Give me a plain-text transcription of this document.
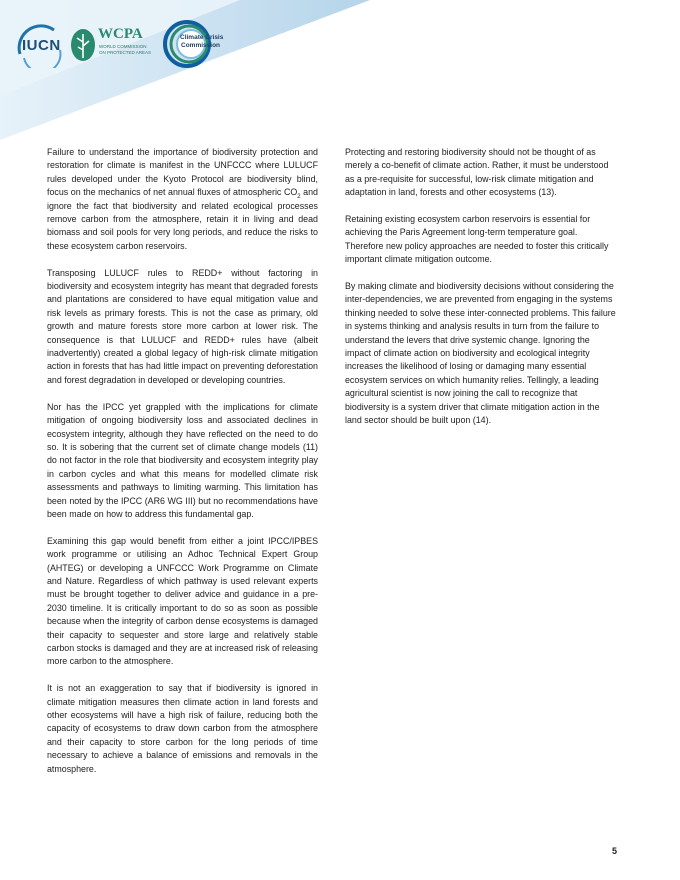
IUCN
WCPA
WORLD COMMISSION
ON PROTECTED AREAS
Climate Crisis
Commission

Failure to understand the importance of biodiversity protection and restoration for climate is manifest in the UNFCCC where LULUCF rules developed under the Kyoto Protocol are biodiversity blind, focus on the mechanics of net annual fluxes of atmospheric $CO_2$ and ignore the fact that biodiversity and related ecological processes remove carbon from the atmosphere, retain it in living and dead biomass and soil pools for very long periods, and reduce the risks to these ecosystem carbon reservoirs.

Transposing LULUCF rules to REDD+ without factoring in biodiversity and ecosystem integrity has meant that degraded forests and plantations are considered to have equal mitigation value and risk levels as primary forests. This is not the case as primary, old growth and mature forests store more carbon at lower risk. The consequence is that LULUCF and REDD+ rules have (albeit inadvertently) created a global legacy of high-risk climate mitigation action in forests that has had little impact on preventing deforestation and forest degradation in developed or developing countries.

Nor has the IPCC yet grappled with the implications for climate mitigation of ongoing biodiversity loss and associated declines in ecosystem integrity, although they have reflected on the need to do so. It is sobering that the current set of climate change models (11) do not factor in the role that biodiversity and ecosystem integrity play in carbon cycles and what this means for modelled climate risk assessments and pathways to limiting warming. This limitation has been noted by the IPCC (AR6 WG III) but no recommendations have been made on how to address this fundamental gap.

Examining this gap would benefit from either a joint IPCC/IPBES work programme or utilising an Adhoc Technical Expert Group (AHTEG) or developing a UNFCCC Work Programme on Climate and Nature. Regardless of which pathway is used relevant experts must be brought together to deliver advice and guidance in a pre-2030 timeline. It is critically important to do so as soon as possible because when the integrity of carbon dense ecosystems is damaged their capacity to sequester and store large and relatively stable carbon stocks is damaged and they are at increased risk of releasing more carbon to the atmosphere.

It is not an exaggeration to say that if biodiversity is ignored in climate mitigation measures then climate action in land forests and other ecosystems will have a high risk of failure, reducing both the capacity of ecosystems to draw down carbon from the atmosphere and their capacity to store carbon for the long periods of time necessary to achieve a balance of emissions and removals in the atmosphere.

Protecting and restoring biodiversity should not be thought of as merely a co-benefit of climate action. Rather, it must be understood as a pre-requisite for successful, low-risk climate mitigation and adaptation in land, forests and other ecosystems (13).

Retaining existing ecosystem carbon reservoirs is essential for achieving the Paris Agreement long-term temperature goal. Therefore new policy approaches are needed to foster this critically important climate mitigation outcome.

By making climate and biodiversity decisions without considering the inter-dependencies, we are prevented from engaging in the systems thinking needed to solve these inter-connected problems. This failure in systems thinking and analysis results in turn from the failure to understand the levers that drive systemic change. Ignoring the impact of climate action on biodiversity and ecological integrity increases the likelihood of losing or damaging many essential ecosystem services on which humanity relies. Tellingly, a leading agricultural scientist is now joining the call to recognize that biodiversity is a system driver that climate mitigation action in the land sector should be built upon (14).

5
